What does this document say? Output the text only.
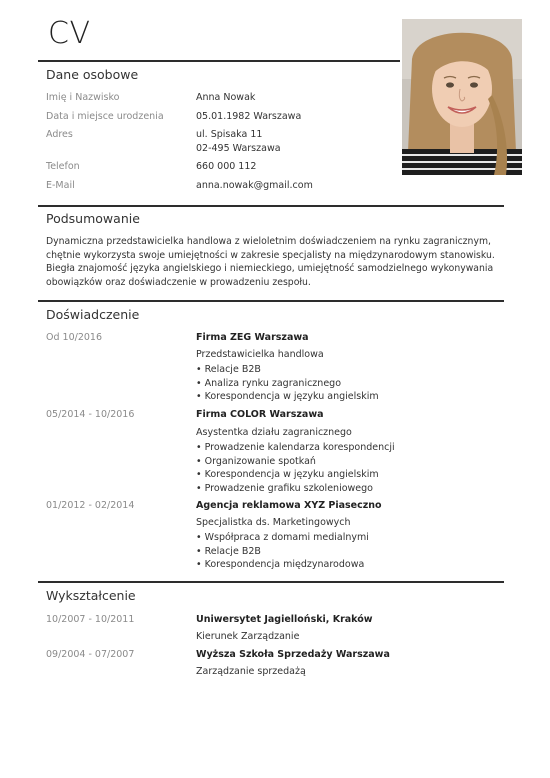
CV
Dane osobowe
Imię i Nazwisko	Anna Nowak
Data i miejsce urodzenia	05.01.1982 Warszawa
Adres	ul. Spisaka 11
02-495 Warszawa
Telefon	660 000 112
E-Mail	anna.nowak@gmail.com
Podsumowanie
Dynamiczna przedstawicielka handlowa z wieloletnim doświadczeniem na rynku zagranicznym, chętnie wykorzysta swoje umiejętności w zakresie specjalisty na międzynarodowym stanowisku. Biegła znajomość języka angielskiego i niemieckiego, umiejętność samodzielnego wykonywania obowiązków oraz doświadczenie w prowadzeniu zespołu.
Doświadczenie
Od 10/2016	Firma ZEG Warszawa
Przedstawicielka handlowa
• Relacje B2B
• Analiza rynku zagranicznego
• Korespondencja w języku angielskim
05/2014 - 10/2016	Firma COLOR Warszawa
Asystentka działu zagranicznego
• Prowadzenie kalendarza korespondencji
• Organizowanie spotkań
• Korespondencja w języku angielskim
• Prowadzenie grafiku szkoleniowego
01/2012 - 02/2014	Agencja reklamowa XYZ Piaseczno
Specjalistka ds. Marketingowych
• Współpraca z domami medialnymi
• Relacje B2B
• Korespondencja międzynarodowa
Wykształcenie
10/2007 - 10/2011	Uniwersytet Jagielloński, Kraków
Kierunek Zarządzanie
09/2004 - 07/2007	Wyższa Szkoła Sprzedaży Warszawa
Zarządzanie sprzedażą
